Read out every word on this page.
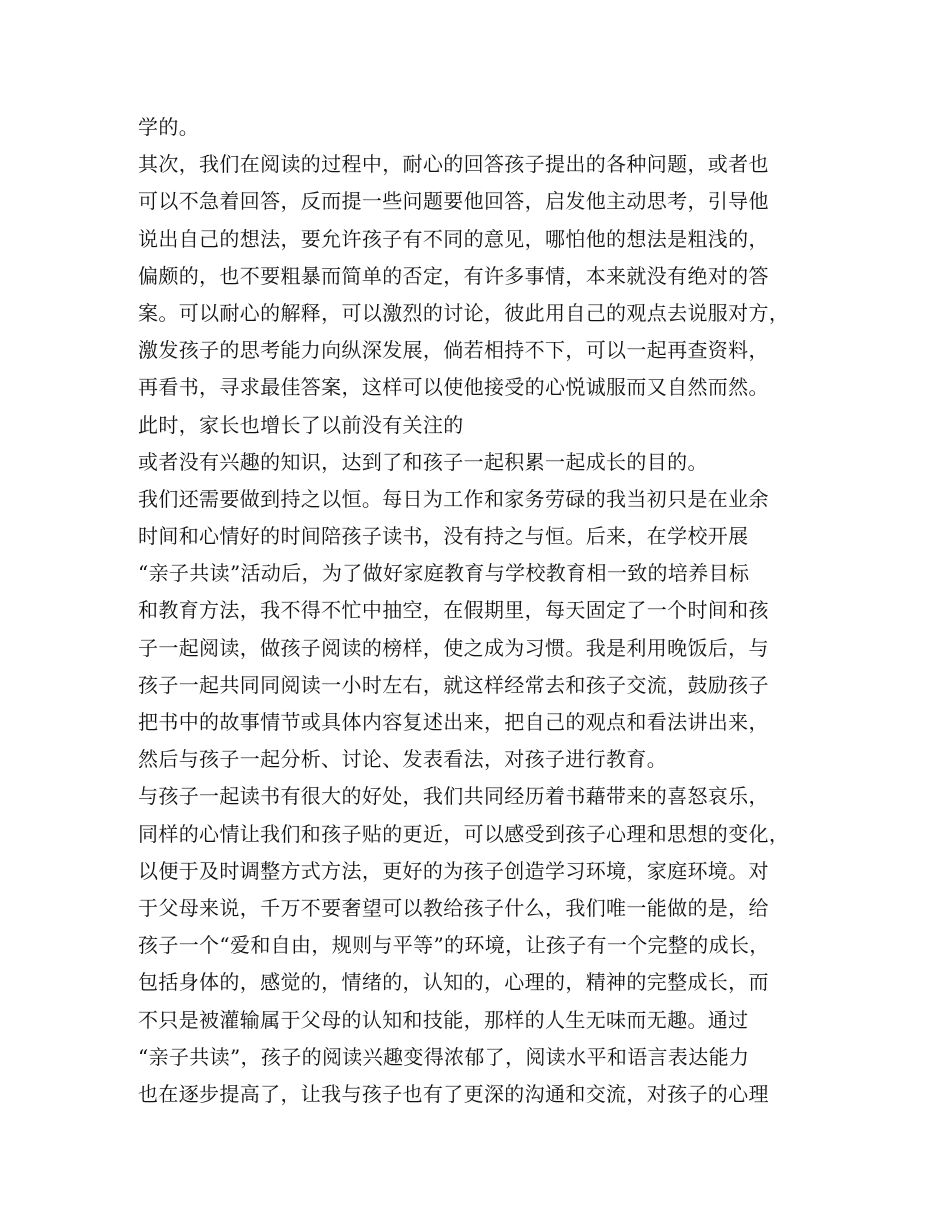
学的。
其次，我们在阅读的过程中，耐心的回答孩子提出的各种问题，或者也
可以不急着回答，反而提一些问题要他回答，启发他主动思考，引导他
说出自己的想法，要允许孩子有不同的意见，哪怕他的想法是粗浅的，
偏颇的，也不要粗暴而简单的否定，有许多事情，本来就没有绝对的答
案。可以耐心的解释，可以激烈的讨论，彼此用自己的观点去说服对方，
激发孩子的思考能力向纵深发展，倘若相持不下，可以一起再查资料，
再看书，寻求最佳答案，这样可以使他接受的心悦诚服而又自然而然。
此时，家长也增长了以前没有关注的
或者没有兴趣的知识，达到了和孩子一起积累一起成长的目的。
我们还需要做到持之以恒。每日为工作和家务劳碌的我当初只是在业余
时间和心情好的时间陪孩子读书，没有持之与恒。后来，在学校开展
“亲子共读”活动后，为了做好家庭教育与学校教育相一致的培养目标
和教育方法，我不得不忙中抽空，在假期里，每天固定了一个时间和孩
子一起阅读，做孩子阅读的榜样，使之成为习惯。我是利用晚饭后，与
孩子一起共同同阅读一小时左右，就这样经常去和孩子交流，鼓励孩子
把书中的故事情节或具体内容复述出来，把自己的观点和看法讲出来，
然后与孩子一起分析、讨论、发表看法，对孩子进行教育。
与孩子一起读书有很大的好处，我们共同经历着书藉带来的喜怒哀乐，
同样的心情让我们和孩子贴的更近，可以感受到孩子心理和思想的变化，
以便于及时调整方式方法，更好的为孩子创造学习环境，家庭环境。对
于父母来说，千万不要奢望可以教给孩子什么，我们唯一能做的是，给
孩子一个“爱和自由，规则与平等”的环境，让孩子有一个完整的成长，
包括身体的，感觉的，情绪的，认知的，心理的，精神的完整成长，而
不只是被灌输属于父母的认知和技能，那样的人生无味而无趣。通过
“亲子共读”，孩子的阅读兴趣变得浓郁了，阅读水平和语言表达能力
也在逐步提高了，让我与孩子也有了更深的沟通和交流，对孩子的心理
